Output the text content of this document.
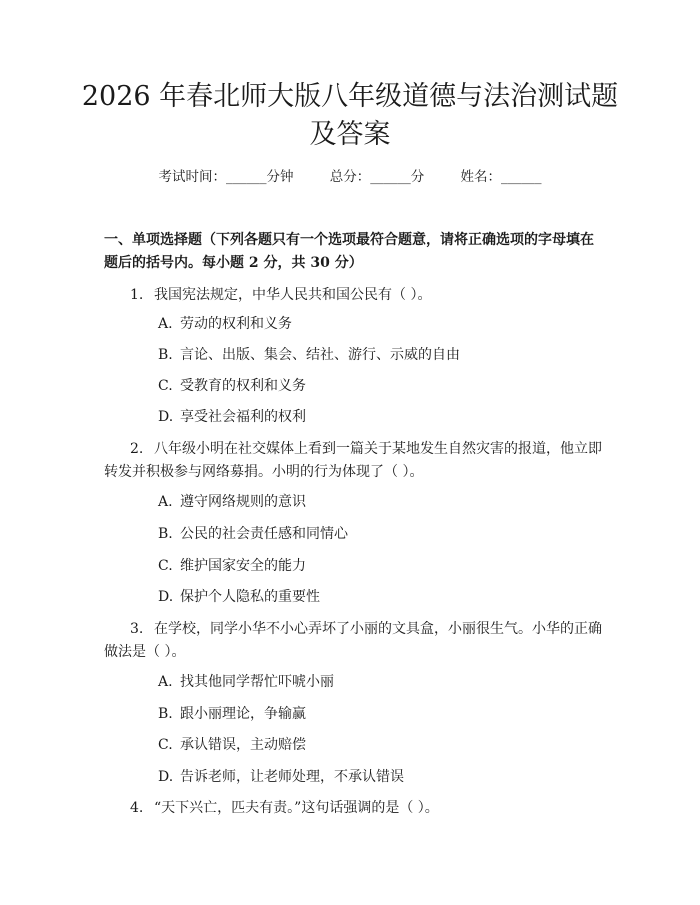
2026 年春北师大版八年级道德与法治测试题
及答案
考试时间：______分钟	总分：______分	姓名：______
一、单项选择题（下列各题只有一个选项最符合题意，请将正确选项的字母填在
题后的括号内。每小题 2 分，共 30 分）
1. 我国宪法规定，中华人民共和国公民有（ ）。
A. 劳动的权利和义务
B. 言论、出版、集会、结社、游行、示威的自由
C. 受教育的权利和义务
D. 享受社会福利的权利
2. 八年级小明在社交媒体上看到一篇关于某地发生自然灾害的报道，他立即
转发并积极参与网络募捐。小明的行为体现了（ ）。
A. 遵守网络规则的意识
B. 公民的社会责任感和同情心
C. 维护国家安全的能力
D. 保护个人隐私的重要性
3. 在学校，同学小华不小心弄坏了小丽的文具盒，小丽很生气。小华的正确
做法是（ ）。
A. 找其他同学帮忙吓唬小丽
B. 跟小丽理论，争输赢
C. 承认错误，主动赔偿
D. 告诉老师，让老师处理，不承认错误
4. “天下兴亡，匹夫有责。”这句话强调的是（ ）。
